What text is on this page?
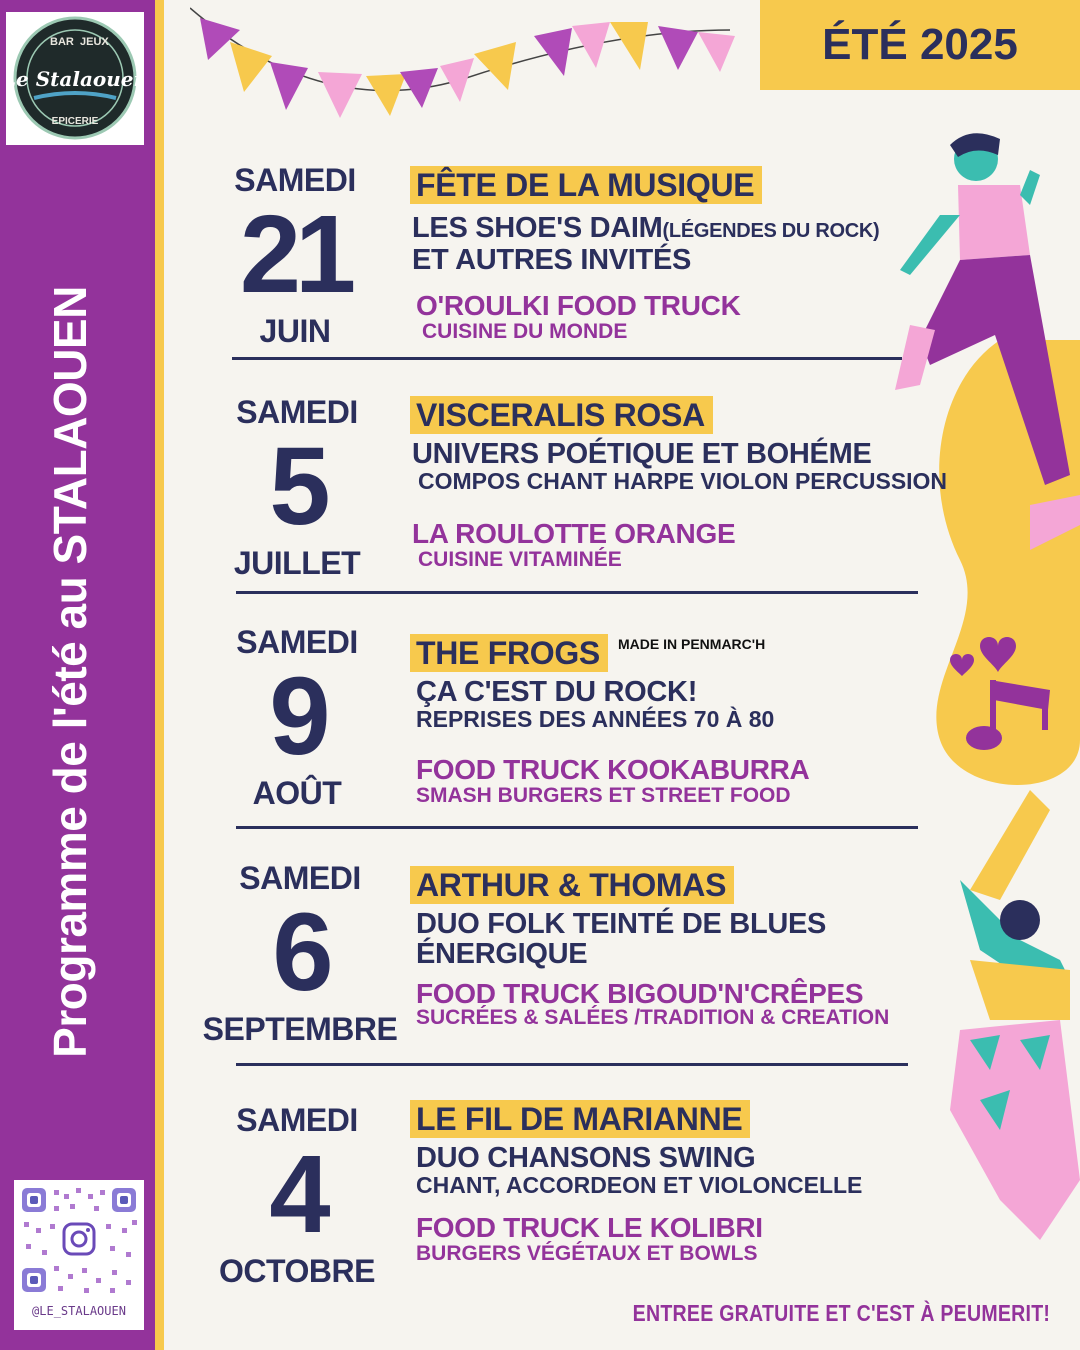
BAR JEUX
Le Stalaouen
EPICERIE
Programme de l'été au STALAOUEN
@LE_STALAOUEN
ÉTÉ 2025
SAMEDI
21
JUIN
FÊTE DE LA MUSIQUE
LES SHOE'S DAIM(LÉGENDES DU ROCK)
ET AUTRES INVITÉS
O'ROULKI FOOD TRUCK
CUISINE DU MONDE
SAMEDI
5
JUILLET
VISCERALIS ROSA
UNIVERS POÉTIQUE ET BOHÉME
COMPOS CHANT HARPE VIOLON PERCUSSION
LA ROULOTTE ORANGE
CUISINE VITAMINÉE
SAMEDI
9
AOÛT
THE FROGS	MADE IN PENMARC'H
ÇA C'EST DU ROCK!
REPRISES DES ANNÉES 70 À 80
FOOD TRUCK KOOKABURRA
SMASH BURGERS ET STREET FOOD
SAMEDI
6
SEPTEMBRE
ARTHUR & THOMAS
DUO FOLK TEINTÉ DE BLUES
ÉNERGIQUE
FOOD TRUCK BIGOUD'N'CRÊPES
SUCRÉES & SALÉES /TRADITION & CREATION
SAMEDI
4
OCTOBRE
LE FIL DE MARIANNE
DUO CHANSONS SWING
CHANT, ACCORDEON ET VIOLONCELLE
FOOD TRUCK LE KOLIBRI
BURGERS VÉGÉTAUX ET BOWLS
ENTREE GRATUITE ET C'EST À PEUMERIT!
